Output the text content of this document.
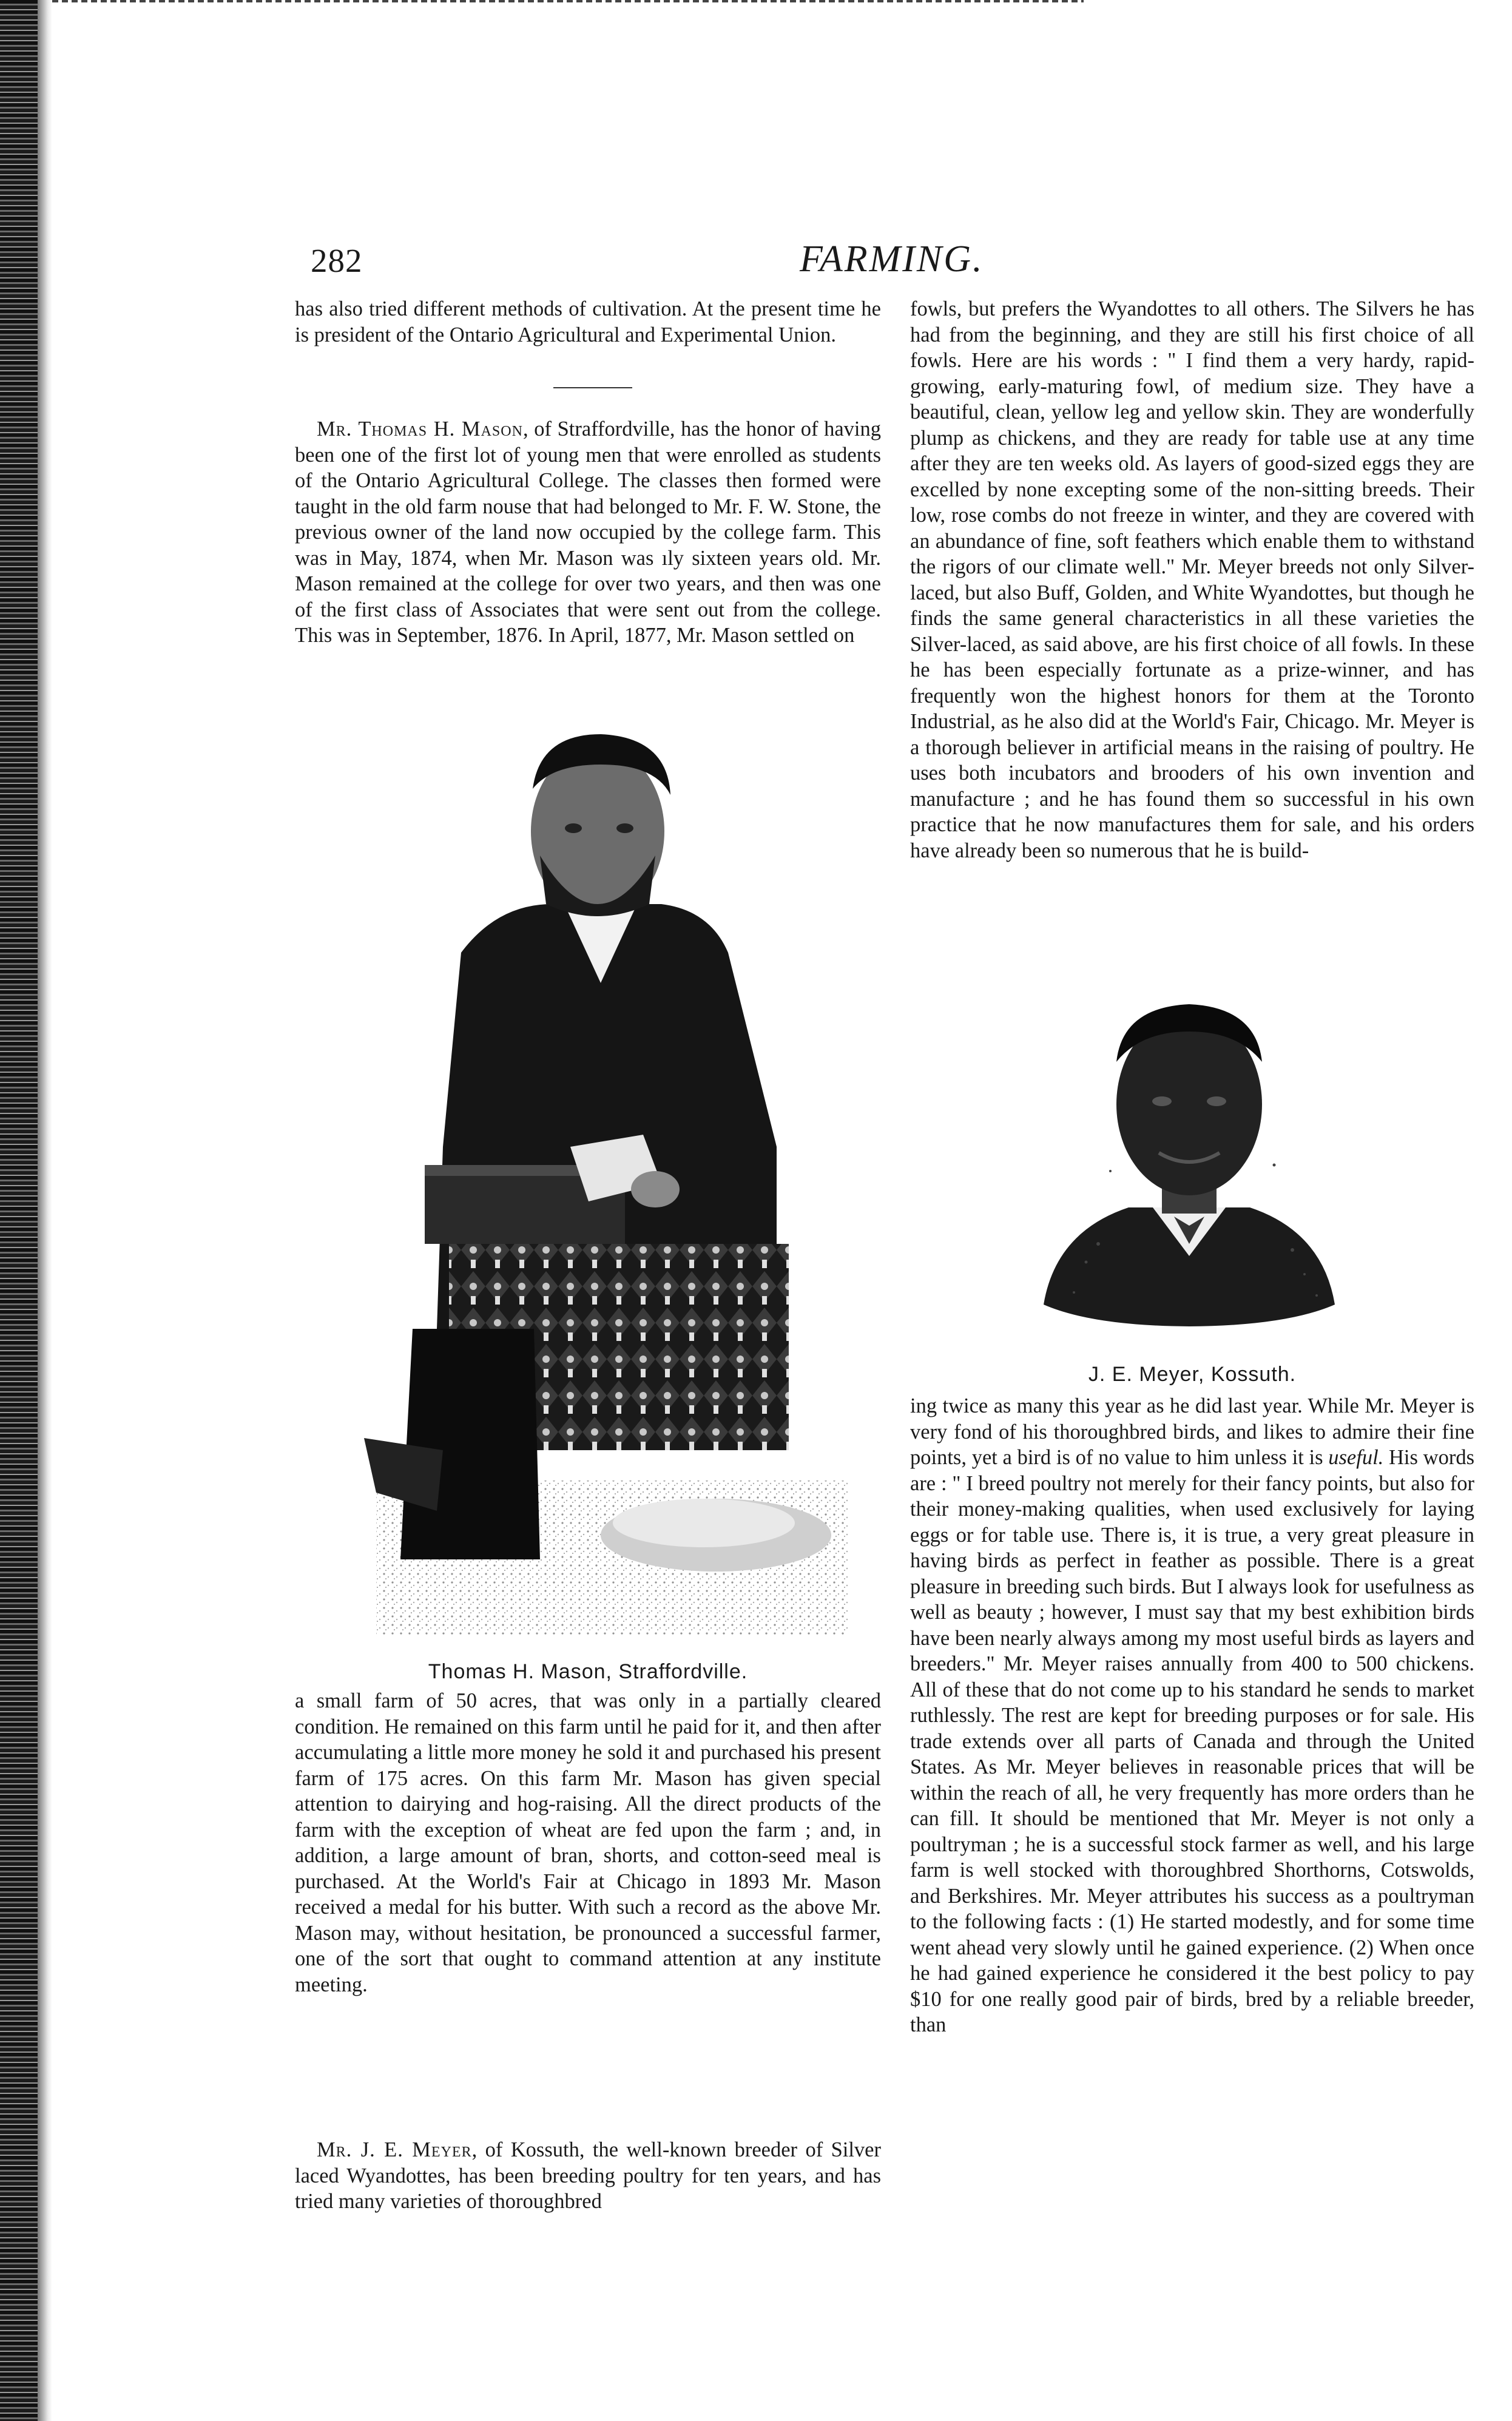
282	FARMING.

has also tried different methods of cultivation. At the present time he is president of the Ontario Agricultural and Experimental Union.

Mr. Thomas H. Mason, of Straffordville, has the honor of having been one of the first lot of young men that were enrolled as students of the Ontario Agricultural College. The classes then formed were taught in the old farm nouse that had belonged to Mr. F. W. Stone, the previous owner of the land now occupied by the college farm. This was in May, 1874, when Mr. Mason was ıly sixteen years old. Mr. Mason remained at the college for over two years, and then was one of the first class of Associates that were sent out from the college. This was in September, 1876. In April, 1877, Mr. Mason settled on

Thomas H. Mason, Straffordville.

a small farm of 50 acres, that was only in a partially cleared condition. He remained on this farm until he paid for it, and then after accumulating a little more money he sold it and purchased his present farm of 175 acres. On this farm Mr. Mason has given special attention to dairying and hog-raising. All the direct products of the farm with the exception of wheat are fed upon the farm ; and, in addition, a large amount of bran, shorts, and cotton-seed meal is purchased. At the World's Fair at Chicago in 1893 Mr. Mason received a medal for his butter. With such a record as the above Mr. Mason may, without hesitation, be pronounced a successful farmer, one of the sort that ought to command attention at any institute meeting.

Mr. J. E. Meyer, of Kossuth, the well-known breeder of Silver laced Wyandottes, has been breeding poultry for ten years, and has tried many varieties of thoroughbred

fowls, but prefers the Wyandottes to all others. The Silvers he has had from the beginning, and they are still his first choice of all fowls. Here are his words : " I find them a very hardy, rapid-growing, early-maturing fowl, of medium size. They have a beautiful, clean, yellow leg and yellow skin. They are wonderfully plump as chickens, and they are ready for table use at any time after they are ten weeks old. As layers of good-sized eggs they are excelled by none excepting some of the non-sitting breeds. Their low, rose combs do not freeze in winter, and they are covered with an abundance of fine, soft feathers which enable them to withstand the rigors of our climate well." Mr. Meyer breeds not only Silver-laced, but also Buff, Golden, and White Wyandottes, but though he finds the same general characteristics in all these varieties the Silver-laced, as said above, are his first choice of all fowls. In these he has been especially fortunate as a prize-winner, and has frequently won the highest honors for them at the Toronto Industrial, as he also did at the World's Fair, Chicago. Mr. Meyer is a thorough believer in artificial means in the raising of poultry. He uses both incubators and brooders of his own invention and manufacture ; and he has found them so successful in his own practice that he now manufactures them for sale, and his orders have already been so numerous that he is build-

J. E. Meyer, Kossuth.

ing twice as many this year as he did last year. While Mr. Meyer is very fond of his thoroughbred birds, and likes to admire their fine points, yet a bird is of no value to him unless it is useful. His words are : " I breed poultry not merely for their fancy points, but also for their money-making qualities, when used exclusively for laying eggs or for table use. There is, it is true, a very great pleasure in having birds as perfect in feather as possible. There is a great pleasure in breeding such birds. But I always look for usefulness as well as beauty ; however, I must say that my best exhibition birds have been nearly always among my most useful birds as layers and breeders." Mr. Meyer raises annually from 400 to 500 chickens. All of these that do not come up to his standard he sends to market ruthlessly. The rest are kept for breeding purposes or for sale. His trade extends over all parts of Canada and through the United States. As Mr. Meyer believes in reasonable prices that will be within the reach of all, he very frequently has more orders than he can fill. It should be mentioned that Mr. Meyer is not only a poultryman ; he is a successful stock farmer as well, and his large farm is well stocked with thoroughbred Shorthorns, Cotswolds, and Berkshires. Mr. Meyer attributes his success as a poultryman to the following facts : (1) He started modestly, and for some time went ahead very slowly until he gained experience. (2) When once he had gained experience he considered it the best policy to pay $10 for one really good pair of birds, bred by a reliable breeder, than
